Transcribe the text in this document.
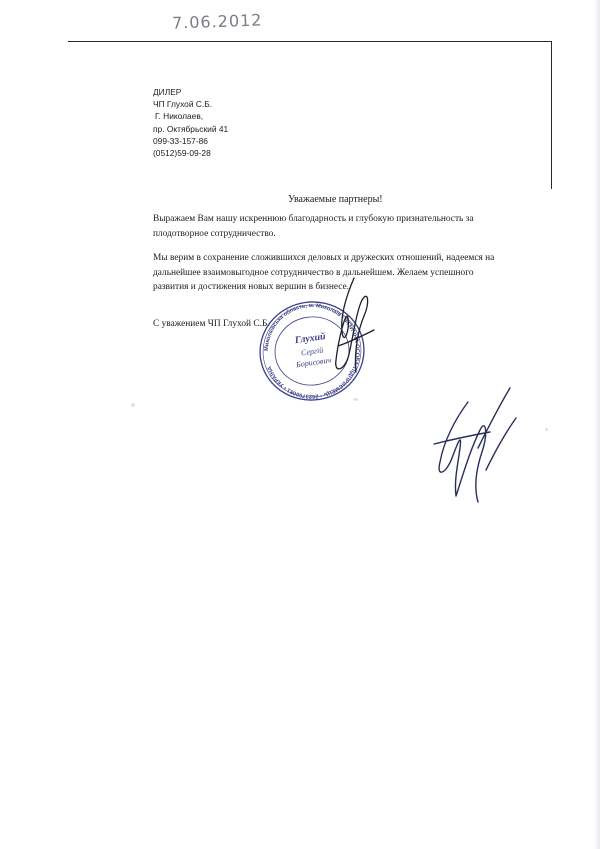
7.06.2012
ДИЛЕР
ЧП Глухой С.Б.
Г. Николаев,
пр. Октябрьский 41
099-33-157-86
(0512)59-09-28
Уважаемые партнеры!
Выражаем Вам нашу искреннюю благодарность и глубокую признательность за плодотворное сотрудничество.
Мы верим в сохранение сложившихся деловых и дружеских отношений, надеемся на дальнейшее взаимовыгодное сотрудничество в дальнейшем. Желаем успешного развития и достижения новых вершин в бизнесе.
С уважением ЧП Глухой С.Б.
Миколаївська область, м. Миколаїв • ФІЗИЧНА ОСОБА-ПІДПРИЄМЕЦЬ • 2623700081 • УКРАЇНА
Глухий
Сергій
Борисович
